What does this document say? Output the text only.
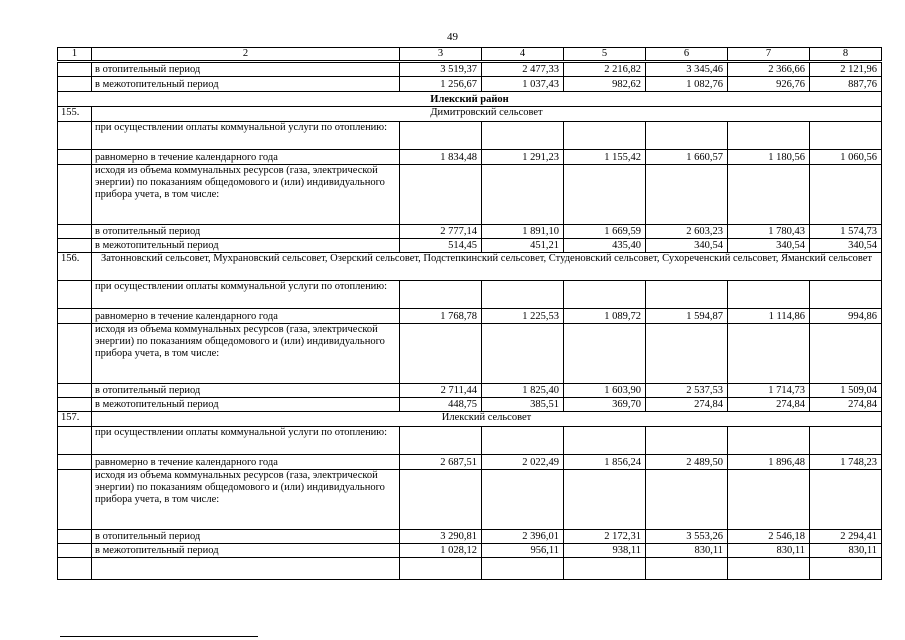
49
1	2	3	4	5	6	7	8
	в отопительный период	3 519,37	2 477,33	2 216,82	3 345,46	2 366,66	2 121,96
	в межотопительный период	1 256,67	1 037,43	982,62	1 082,76	926,76	887,76
Илекский район							
155.	Димитровский сельсовет						
	при осуществлении оплаты коммунальной услуги по отоплению:						
	равномерно в течение календарного года	1 834,48	1 291,23	1 155,42	1 660,57	1 180,56	1 060,56
	исходя из объема коммунальных ресурсов (газа, электрической энергии) по показаниям общедомового и (или) индивидуального прибора учета, в том числе:						
	в отопительный период	2 777,14	1 891,10	1 669,59	2 603,23	1 780,43	1 574,73
	в межотопительный период	514,45	451,21	435,40	340,54	340,54	340,54
156.	Затонновский сельсовет, Мухрановский сельсовет, Озерский сельсовет, Подстепкинский сельсовет, Студеновский сельсовет, Сухореченский сельсовет, Яманский сельсовет						
	при осуществлении оплаты коммунальной услуги по отоплению:						
	равномерно в течение календарного года	1 768,78	1 225,53	1 089,72	1 594,87	1 114,86	994,86
	исходя из объема коммунальных ресурсов (газа, электрической энергии) по показаниям общедомового и (или) индивидуального прибора учета, в том числе:						
	в отопительный период	2 711,44	1 825,40	1 603,90	2 537,53	1 714,73	1 509,04
	в межотопительный период	448,75	385,51	369,70	274,84	274,84	274,84
157.	Илекский сельсовет						
	при осуществлении оплаты коммунальной услуги по отоплению:						
	равномерно в течение календарного года	2 687,51	2 022,49	1 856,24	2 489,50	1 896,48	1 748,23
	исходя из объема коммунальных ресурсов (газа, электрической энергии) по показаниям общедомового и (или) индивидуального прибора учета, в том числе:						
	в отопительный период	3 290,81	2 396,01	2 172,31	3 553,26	2 546,18	2 294,41
	в межотопительный период	1 028,12	956,11	938,11	830,11	830,11	830,11
